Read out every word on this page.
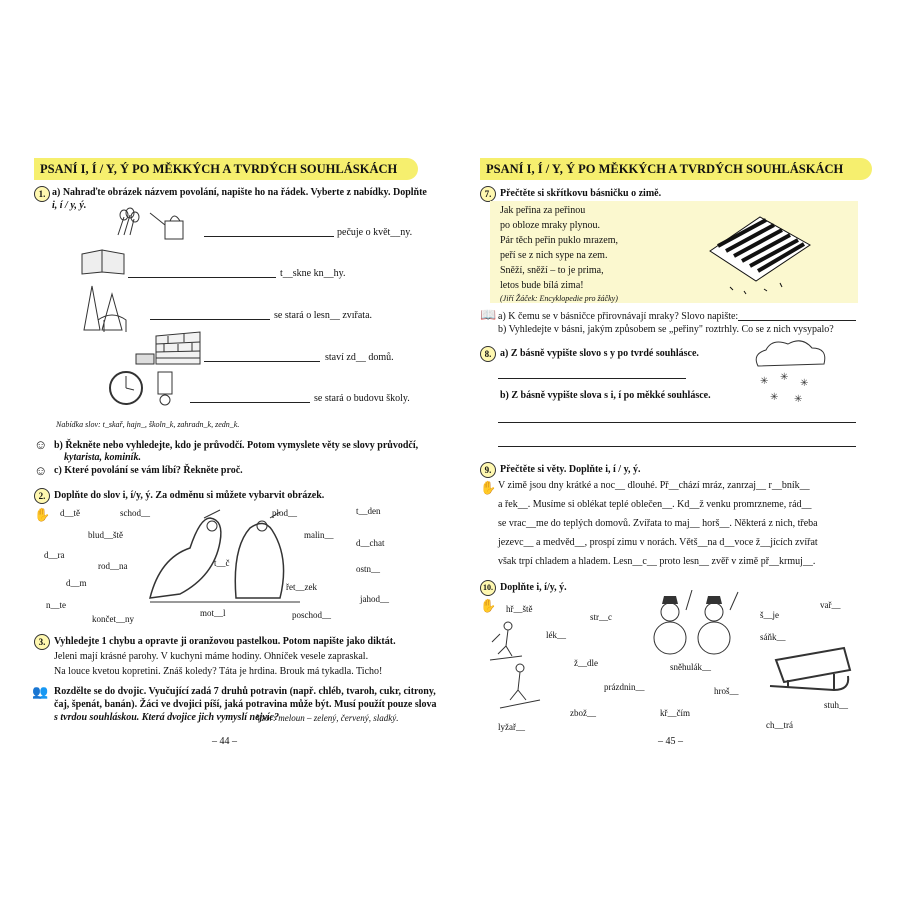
PSANÍ I, Í / Y, Ý PO MĚKKÝCH A TVRDÝCH SOUHLÁSKÁCH
1. a) Nahraďte obrázek názvem povolání, napište ho na řádek. Vyberte z nabídky. Doplňte
i, í / y, ý.
pečuje o květ__ny.
t__skne kn__hy.
se stará o lesn__ zvıřata.
staví zd__ domů.
se stará o budovu školy.
Nabídka slov: t_skař, hajn_, školn_k, zahradn_k, zedn_k.
☺ b) Řekněte nebo vyhledejte, kdo je průvodčí. Potom vymyslete věty se slovy průvodčí,
kytarista, kominík.
☺ c) Které povolání se vám líbí? Řekněte proč.
2. Doplňte do slov i, í/y, ý. Za odměnu si můžete vybarvit obrázek.
✋ d__tě	schod__
blud__ště
d__ra
rod__na
d__m
n__te
končet__ny
plod__	t__den
malin__
d__chat
t__č
ostn__
řet__zek
jahod__
mot__l	poschod__
3. Vyhledejte 1 chybu a opravte ji oranžovou pastelkou. Potom napište jako diktát.
Jeleni mají krásné parohy. V kuchyni máme hodiny. Ohníček vesele zapraskal.
Na louce kvetou kopretini. Znáš koledy? Táta je hrdina. Brouk má tykadla. Ticho!
👥 Rozdělte se do dvojic. Vyučující zadá 7 druhů potravin (např. chléb, tvaroh, cukr, citrony,
čaj, špenát, banán). Žáci ve dvojici píší, jaká potravina může být. Musí použít pouze slova
s tvrdou souhláskou. Která dvojice jich vymyslí nejvíc?
Vzor: meloun – zelený, červený, sladký.
– 44 –
PSANÍ I, Í / Y, Ý PO MĚKKÝCH A TVRDÝCH SOUHLÁSKÁCH
7. Přečtěte si skřítkovu básničku o zimě.
Jak peřina za peřinou
po obloze mraky plynou.
Pár těch peřin puklo mrazem,
peří se z nich sype na zem.
Sněží, sněží – to je prima,
letos bude bílá zima!
(Jiří Žáček: Encyklopedie pro žáčky)
📖 a) K čemu se v básničce přirovnávají mraky? Slovo napište:
b) Vyhledejte v básni, jakým způsobem se „peřiny" roztrhly. Co se z nich vysypalo?
8. a) Z básně vypište slovo s y po tvrdé souhlásce.
b) Z básně vypište slova s i, í po měkké souhlásce.
✳ ✳
✳
✳ ✳
9. Přečtěte si věty. Doplňte i, í / y, ý.
✋ V zimě jsou dny krátké a noc__ dlouhé. Př__chází mráz, zanrzaj__ r__bník__
a řek__. Musíme si oblékat teplé oblečen__. Kd__ž venku promrzneme, rád__
se vrac__me do teplých domovů. Zvířata to maj__ horš__. Některá z nich, třeba
jezevc__ a medvěd__, prospí zimu v norách. Větš__na d__voce ž__jících zvířat
však trpí chladem a hladem. Lesn__c__ proto lesn__ zvěř v zimě př__krmuj__.
10. Doplňte i, í/y, ý.
✋ hř__ště
str__c	š__je
vař__
lék__	sáňk__
ž__dle	sněhulák__
prázdnin__	hroš__
stuh__
zbož__	kř__čím
lyžař__	ch__trá
– 45 –
